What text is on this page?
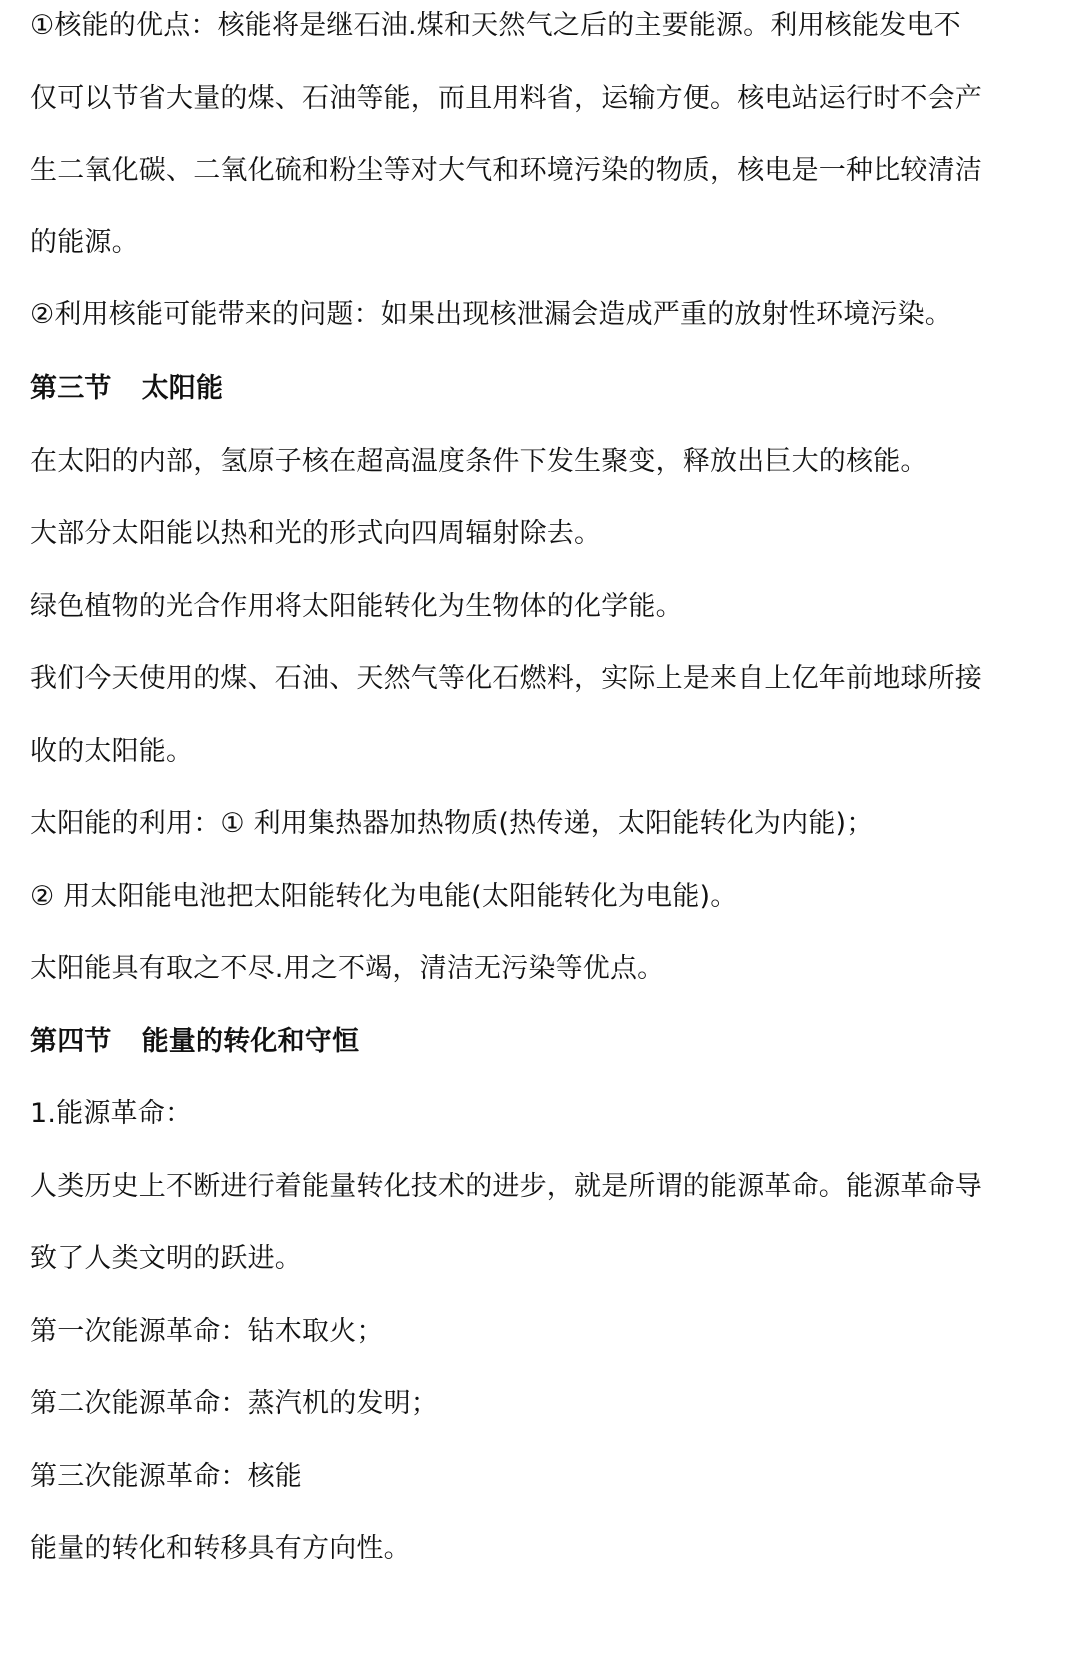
①核能的优点：核能将是继石油.煤和天然气之后的主要能源。利用核能发电不
仅可以节省大量的煤、石油等能，而且用料省，运输方便。核电站运行时不会产
生二氧化碳、二氧化硫和粉尘等对大气和环境污染的物质，核电是一种比较清洁
的能源。
②利用核能可能带来的问题：如果出现核泄漏会造成严重的放射性环境污染。
第三节 太阳能
在太阳的内部，氢原子核在超高温度条件下发生聚变，释放出巨大的核能。
大部分太阳能以热和光的形式向四周辐射除去。
绿色植物的光合作用将太阳能转化为生物体的化学能。
我们今天使用的煤、石油、天然气等化石燃料，实际上是来自上亿年前地球所接
收的太阳能。
太阳能的利用：① 利用集热器加热物质(热传递，太阳能转化为内能)；
② 用太阳能电池把太阳能转化为电能(太阳能转化为电能)。
太阳能具有取之不尽.用之不竭，清洁无污染等优点。
第四节 能量的转化和守恒
1.能源革命：
人类历史上不断进行着能量转化技术的进步，就是所谓的能源革命。能源革命导
致了人类文明的跃进。
第一次能源革命：钻木取火；
第二次能源革命：蒸汽机的发明；
第三次能源革命：核能
能量的转化和转移具有方向性。
